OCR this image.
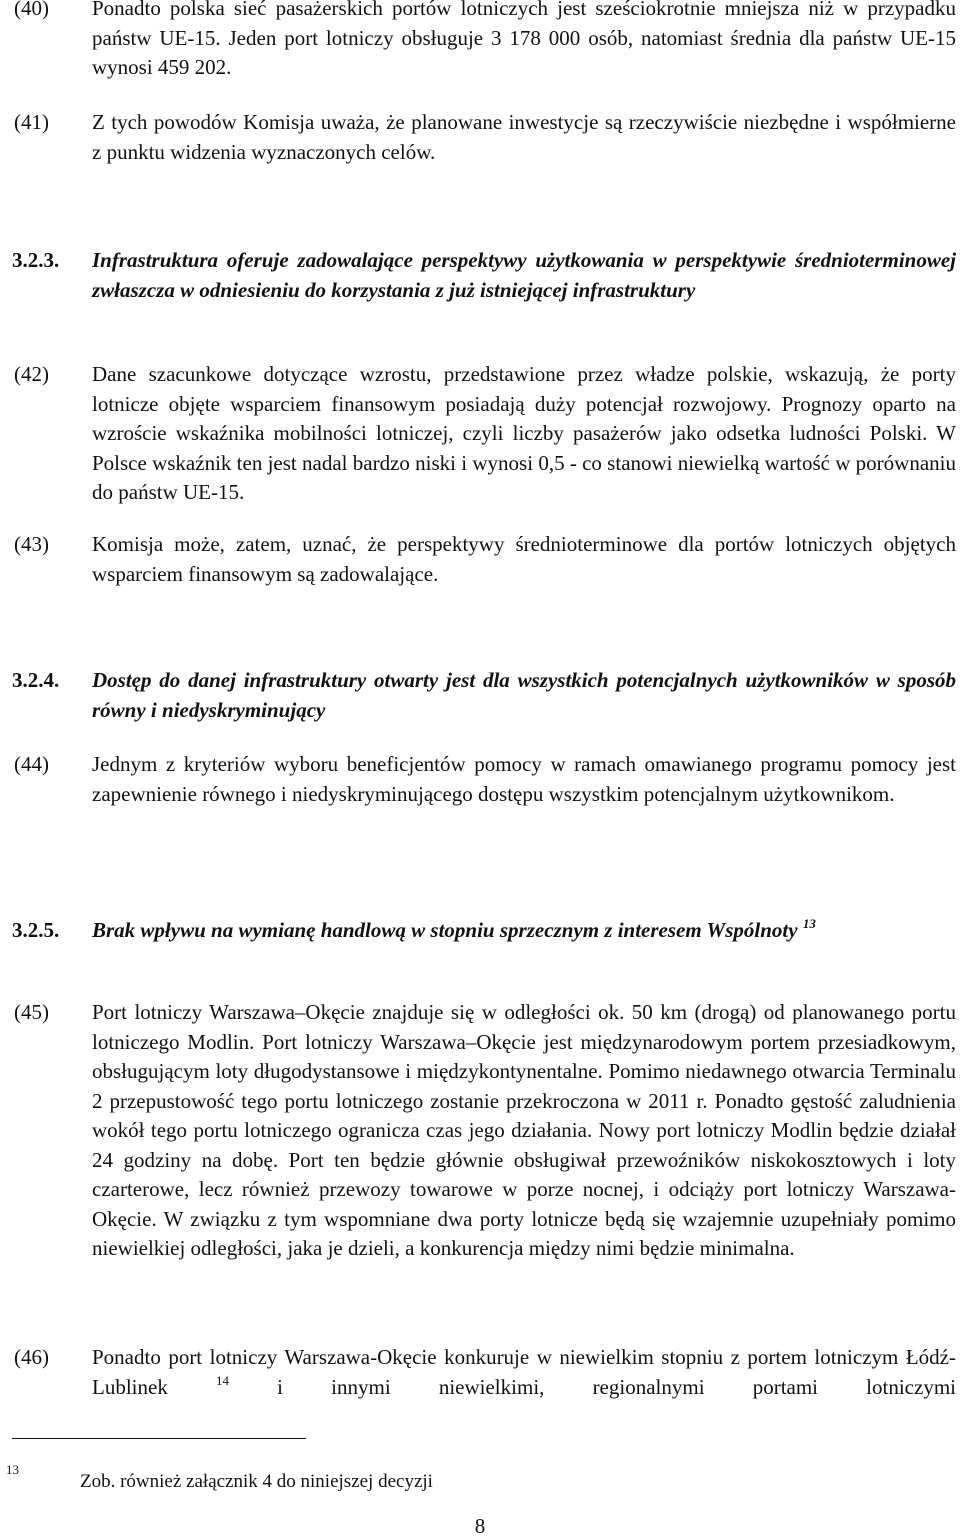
(40) Ponadto polska sieć pasażerskich portów lotniczych jest sześciokrotnie mniejsza niż w przypadku państw UE-15. Jeden port lotniczy obsługuje 3 178 000 osób, natomiast średnia dla państw UE-15 wynosi 459 202.
(41) Z tych powodów Komisja uważa, że planowane inwestycje są rzeczywiście niezbędne i współmierne z punktu widzenia wyznaczonych celów.
3.2.3. Infrastruktura oferuje zadowalające perspektywy użytkowania w perspektywie średnioterminowej zwłaszcza w odniesieniu do korzystania z już istniejącej infrastruktury
(42) Dane szacunkowe dotyczące wzrostu, przedstawione przez władze polskie, wskazują, że porty lotnicze objęte wsparciem finansowym posiadają duży potencjał rozwojowy. Prognozy oparto na wzroście wskaźnika mobilności lotniczej, czyli liczby pasażerów jako odsetka ludności Polski. W Polsce wskaźnik ten jest nadal bardzo niski i wynosi 0,5 - co stanowi niewielką wartość w porównaniu do państw UE-15.
(43) Komisja może, zatem, uznać, że perspektywy średnioterminowe dla portów lotniczych objętych wsparciem finansowym są zadowalające.
3.2.4. Dostęp do danej infrastruktury otwarty jest dla wszystkich potencjalnych użytkowników w sposób równy i niedyskryminujący
(44) Jednym z kryteriów wyboru beneficjentów pomocy w ramach omawianego programu pomocy jest zapewnienie równego i niedyskryminującego dostępu wszystkim potencjalnym użytkownikom.
3.2.5. Brak wpływu na wymianę handlową w stopniu sprzecznym z interesem Wspólnoty $^{13}$
(45) Port lotniczy Warszawa–Okęcie znajduje się w odległości ok. 50 km (drogą) od planowanego portu lotniczego Modlin. Port lotniczy Warszawa–Okęcie jest międzynarodowym portem przesiadkowym, obsługującym loty długodystansowe i międzykontynentalne. Pomimo niedawnego otwarcia Terminalu 2 przepustowość tego portu lotniczego zostanie przekroczona w 2011 r. Ponadto gęstość zaludnienia wokół tego portu lotniczego ogranicza czas jego działania. Nowy port lotniczy Modlin będzie działał 24 godziny na dobę. Port ten będzie głównie obsługiwał przewoźników niskokosztowych i loty czarterowe, lecz również przewozy towarowe w porze nocnej, i odciąży port lotniczy Warszawa-Okęcie. W związku z tym wspomniane dwa porty lotnicze będą się wzajemnie uzupełniały pomimo niewielkiej odległości, jaka je dzieli, a konkurencja między nimi będzie minimalna.
(46) Ponadto port lotniczy Warszawa-Okęcie konkuruje w niewielkim stopniu z portem lotniczym Łódź-Lublinek	$^{14}$ i innymi niewielkimi, regionalnymi portami lotniczymi
13
Zob. również załącznik 4 do niniejszej decyzji
8
